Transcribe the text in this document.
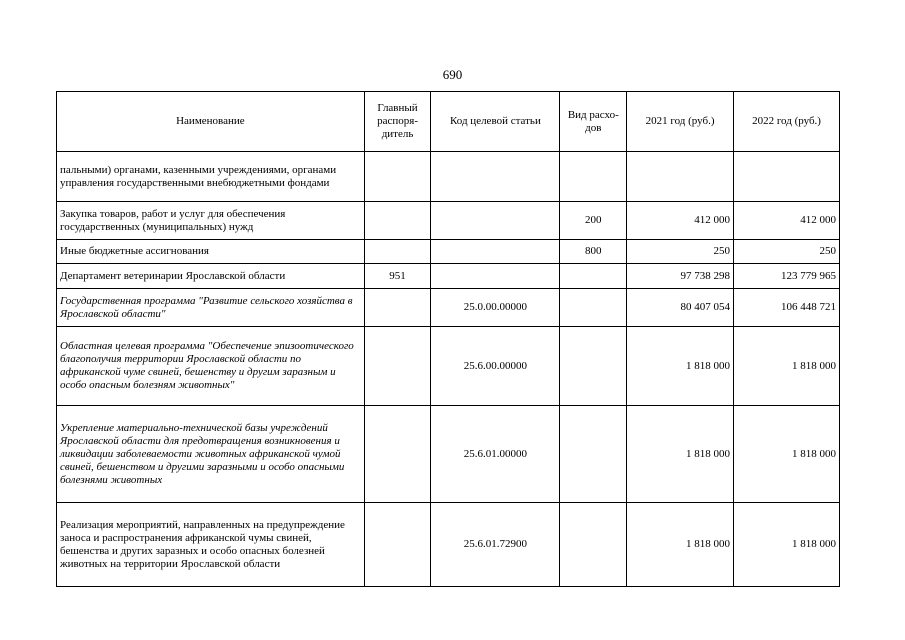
690
Наименование	Главный распоря-дитель	Код целевой статьи	Вид расхо-дов	2021 год (руб.)	2022 год (руб.)
пальными) органами, казенными учреждениями, органами управления государственными внебюджетными фондами					
Закупка товаров, работ и услуг для обеспечения государственных (муниципальных) нужд			200	412 000	412 000
Иные бюджетные ассигнования			800	250	250
Департамент ветеринарии Ярославской области	951			97 738 298	123 779 965
Государственная программа "Развитие сельского хозяйства в Ярославской области"		25.0.00.00000		80 407 054	106 448 721
Областная целевая программа "Обеспечение эпизоотического благополучия территории Ярославской области по африканской чуме свиней, бешенству и другим заразным и особо опасным болезням животных"		25.6.00.00000		1 818 000	1 818 000
Укрепление материально-технической базы учреждений Ярославской области для предотвращения возникновения и ликвидации заболеваемости животных африканской чумой свиней, бешенством и другими заразными и особо опасными болезнями животных		25.6.01.00000		1 818 000	1 818 000
Реализация мероприятий, направленных на предупреждение заноса и распространения африканской чумы свиней, бешенства и других заразных и особо опасных болезней животных на территории Ярославской области		25.6.01.72900		1 818 000	1 818 000
